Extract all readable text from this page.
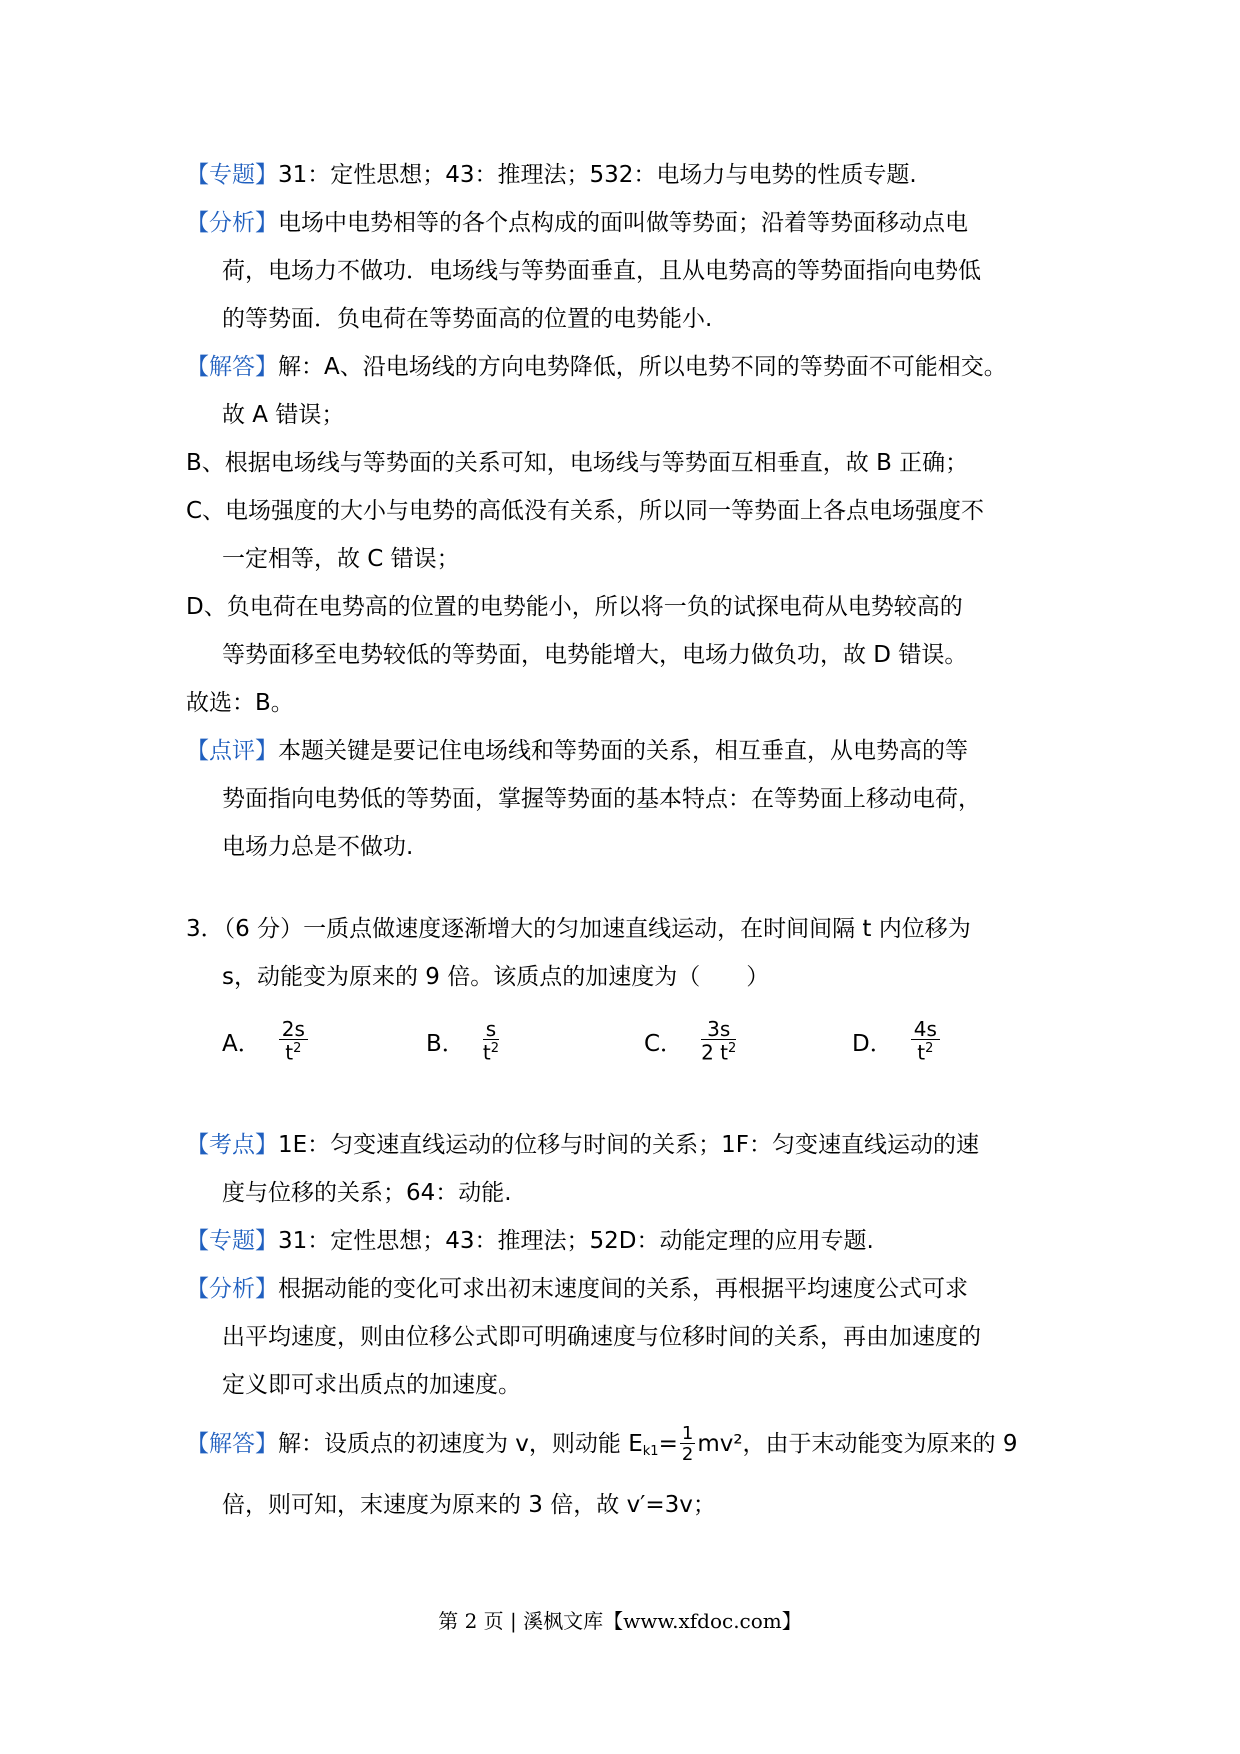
【专题】31：定性思想；43：推理法；532：电场力与电势的性质专题.
【分析】电场中电势相等的各个点构成的面叫做等势面；沿着等势面移动点电
荷，电场力不做功．电场线与等势面垂直，且从电势高的等势面指向电势低
的等势面．负电荷在等势面高的位置的电势能小.
【解答】解：A、沿电场线的方向电势降低，所以电势不同的等势面不可能相交。
故 A 错误；
B、根据电场线与等势面的关系可知，电场线与等势面互相垂直，故 B 正确；
C、电场强度的大小与电势的高低没有关系，所以同一等势面上各点电场强度不
一定相等，故 C 错误；
D、负电荷在电势高的位置的电势能小，所以将一负的试探电荷从电势较高的
等势面移至电势较低的等势面，电势能增大，电场力做负功，故 D 错误。
故选：B。
【点评】本题关键是要记住电场线和等势面的关系，相互垂直，从电势高的等
势面指向电势低的等势面，掌握等势面的基本特点：在等势面上移动电荷，
电场力总是不做功.
3．（6 分）一质点做速度逐渐增大的匀加速直线运动，在时间间隔 t 内位移为
s，动能变为原来的 9 倍。该质点的加速度为（　　）
A． $\frac{2s}{t^2}$	B． $\frac{s}{t^2}$	C． $\frac{3s}{2 t^2}$	D． $\frac{4s}{t^2}$
【考点】1E：匀变速直线运动的位移与时间的关系；1F：匀变速直线运动的速
度与位移的关系；64：动能.
【专题】31：定性思想；43：推理法；52D：动能定理的应用专题.
【分析】根据动能的变化可求出初末速度间的关系，再根据平均速度公式可求
出平均速度，则由位移公式即可明确速度与位移时间的关系，再由加速度的
定义即可求出质点的加速度。
【解答】解：设质点的初速度为 v，则动能 $E_{k1}= \frac{1}{2} mv^2$，由于末动能变为原来的 9
倍，则可知，末速度为原来的 3 倍，故 v′=3v；
第 2 页 | 溪枫文库【www.xfdoc.com】
